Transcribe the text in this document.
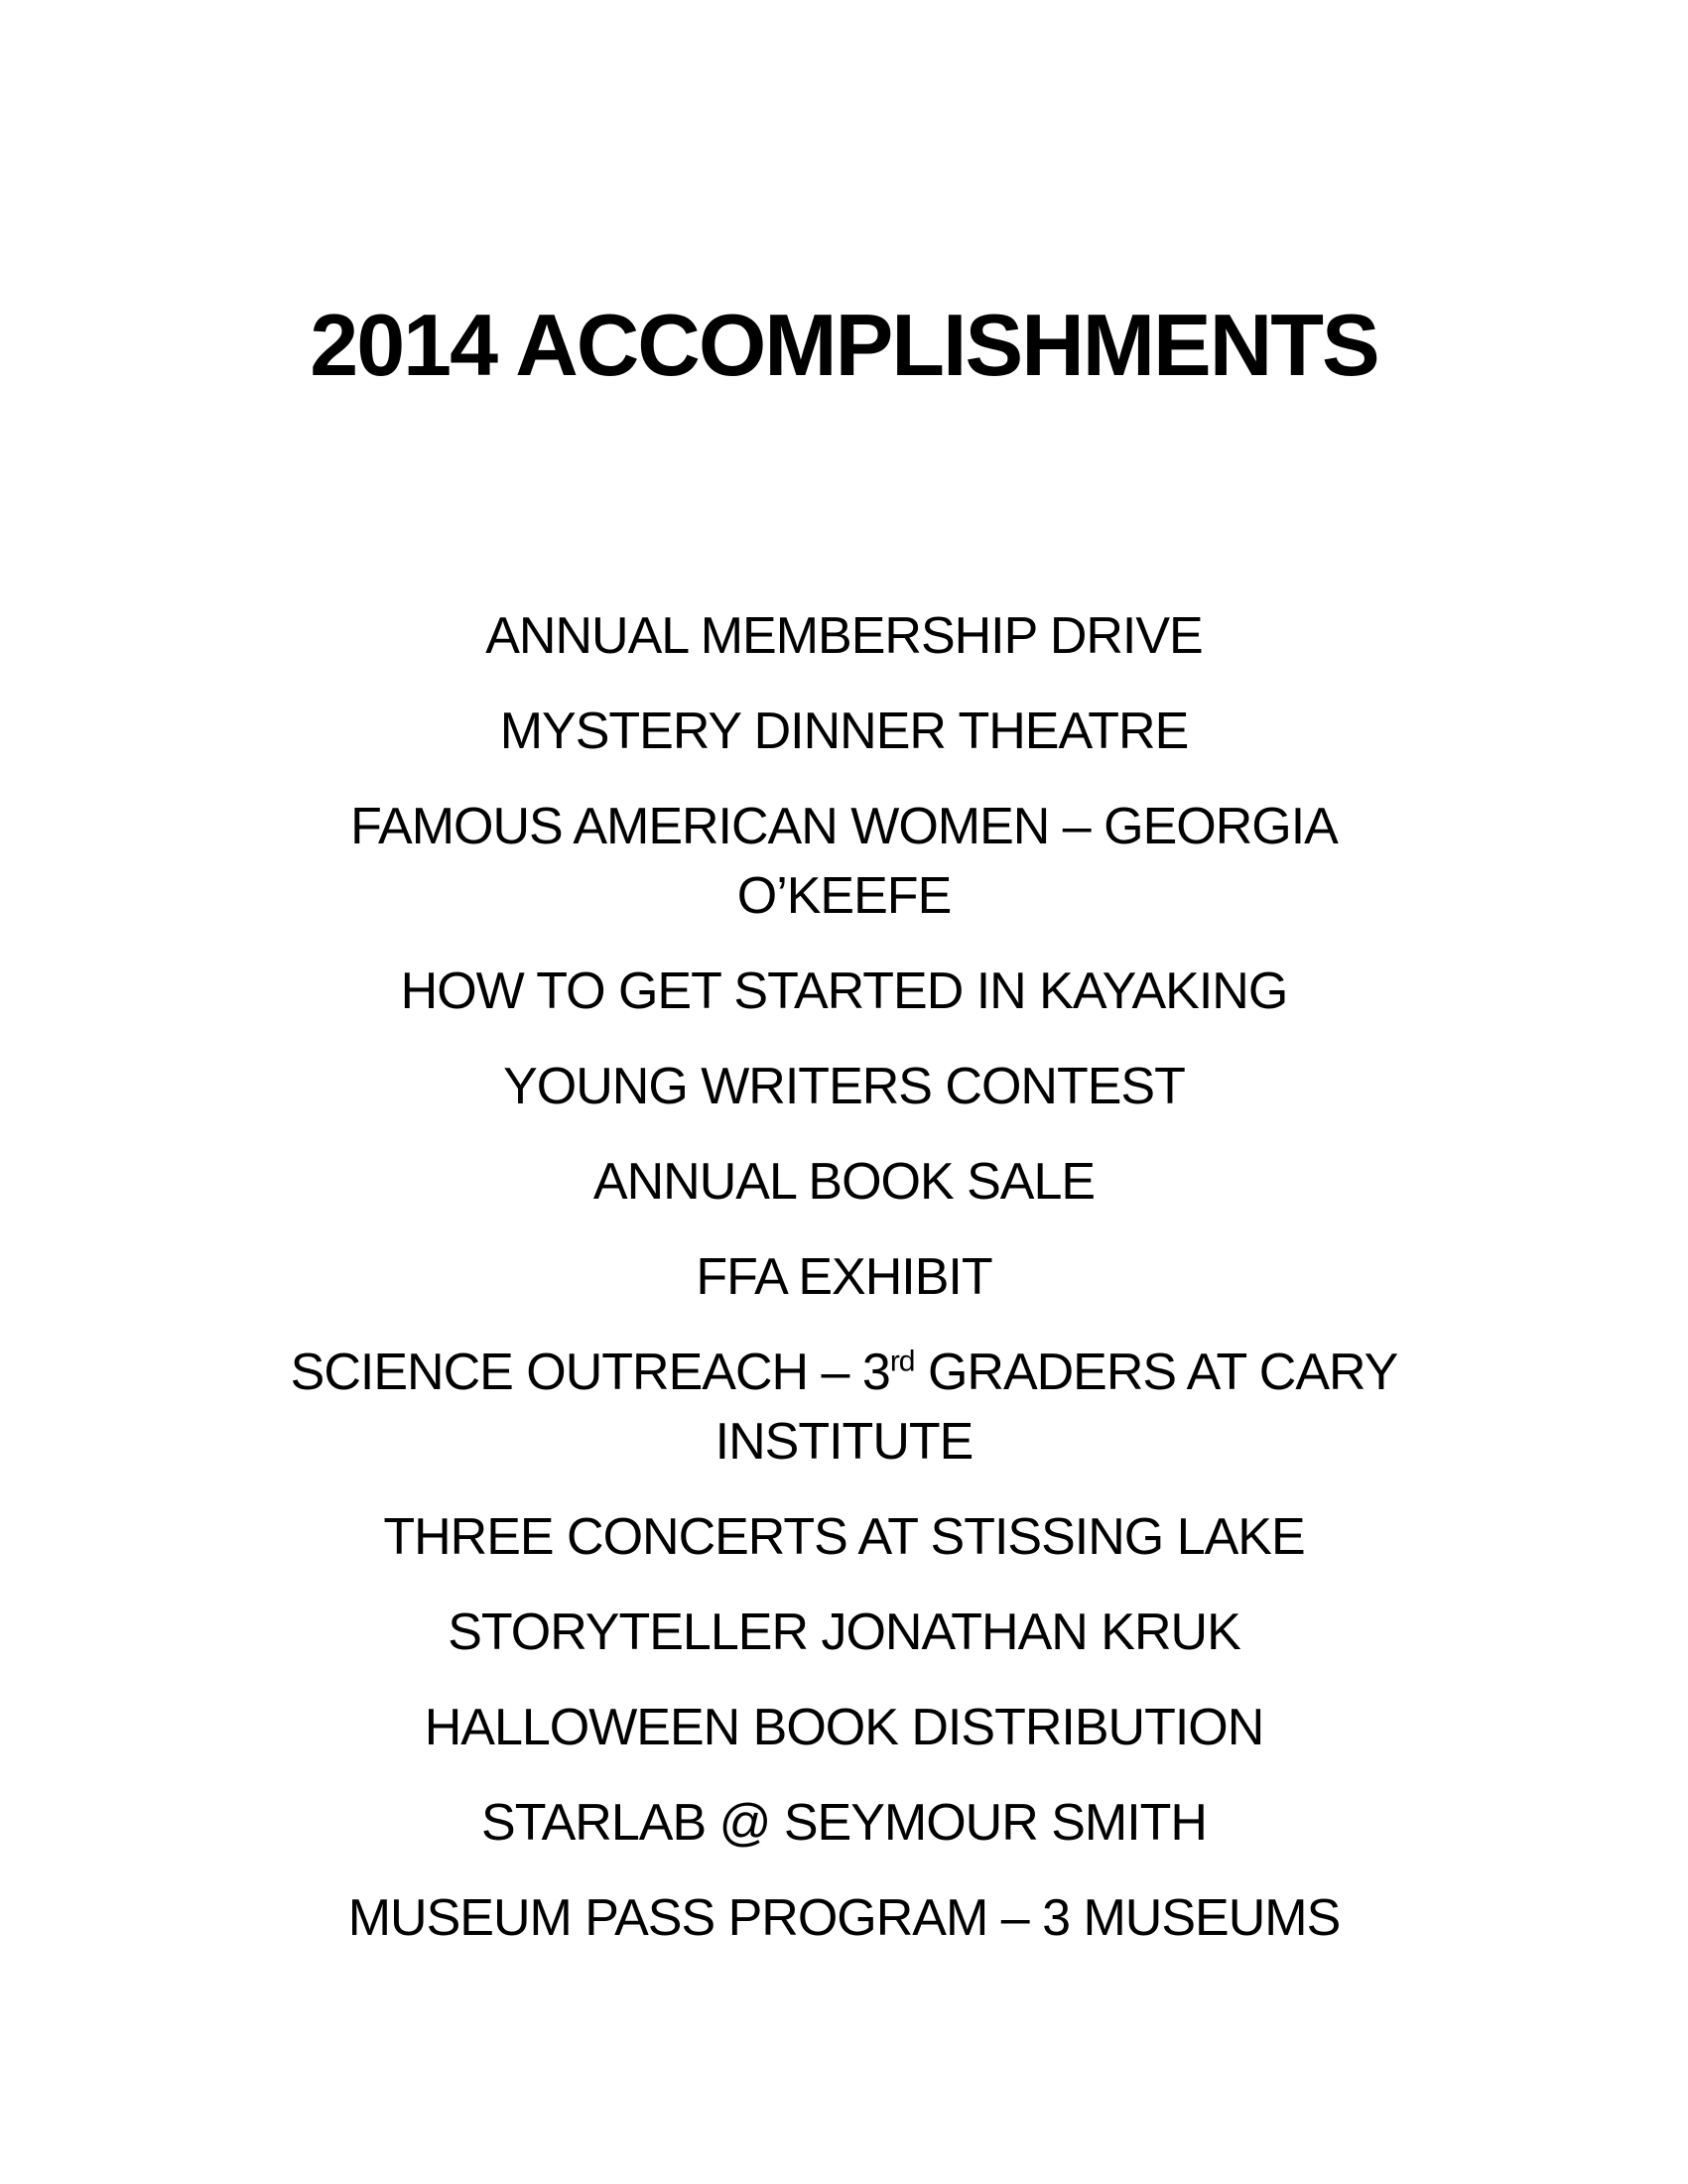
2014 ACCOMPLISHMENTS

ANNUAL MEMBERSHIP DRIVE

MYSTERY DINNER THEATRE

FAMOUS AMERICAN WOMEN – GEORGIA
O’KEEFE

HOW TO GET STARTED IN KAYAKING

YOUNG WRITERS CONTEST

ANNUAL BOOK SALE

FFA EXHIBIT

SCIENCE OUTREACH – 3rd GRADERS AT CARY
INSTITUTE

THREE CONCERTS AT STISSING LAKE

STORYTELLER JONATHAN KRUK

HALLOWEEN BOOK DISTRIBUTION

STARLAB @ SEYMOUR SMITH

MUSEUM PASS PROGRAM – 3 MUSEUMS
